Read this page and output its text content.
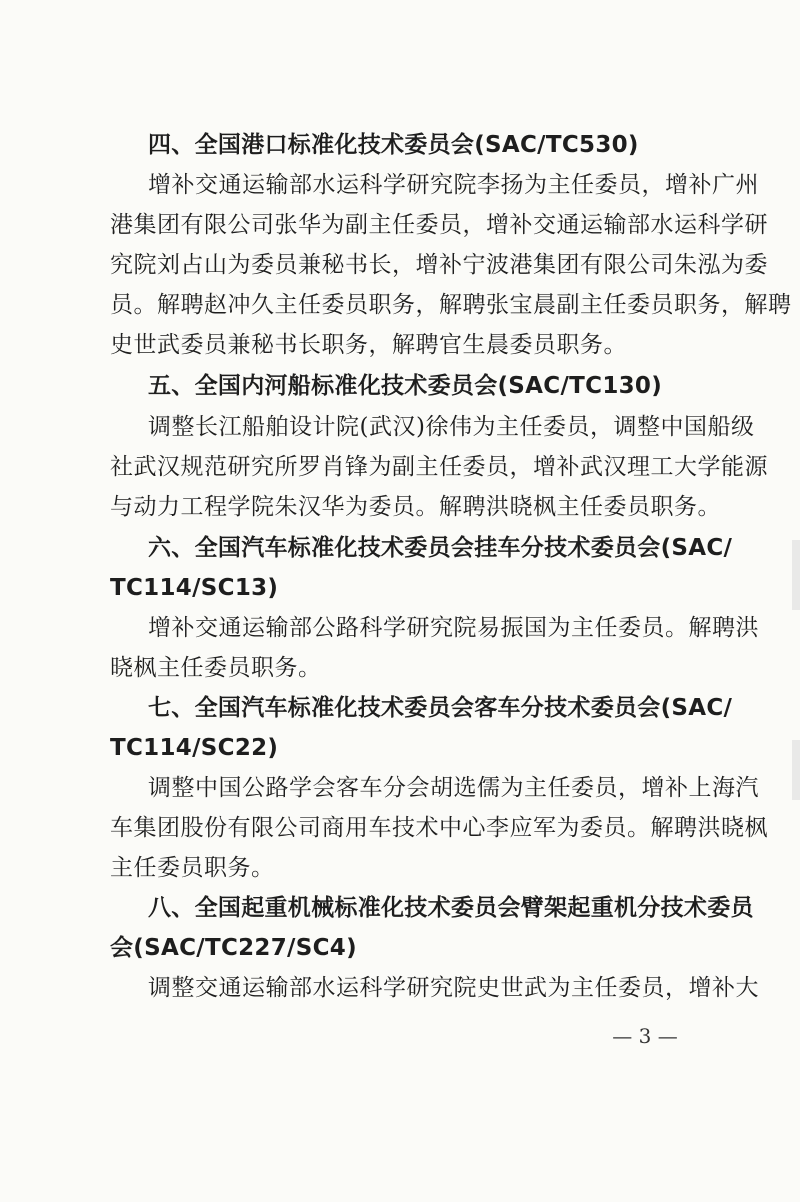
四、全国港口标准化技术委员会(SAC/TC530)
增补交通运输部水运科学研究院李扬为主任委员，增补广州
港集团有限公司张华为副主任委员，增补交通运输部水运科学研
究院刘占山为委员兼秘书长，增补宁波港集团有限公司朱泓为委
员。解聘赵冲久主任委员职务，解聘张宝晨副主任委员职务，解聘
史世武委员兼秘书长职务，解聘官生晨委员职务。
五、全国内河船标准化技术委员会(SAC/TC130)
调整长江船舶设计院(武汉)徐伟为主任委员，调整中国船级
社武汉规范研究所罗肖锋为副主任委员，增补武汉理工大学能源
与动力工程学院朱汉华为委员。解聘洪晓枫主任委员职务。
六、全国汽车标准化技术委员会挂车分技术委员会(SAC/
TC114/SC13)
增补交通运输部公路科学研究院易振国为主任委员。解聘洪
晓枫主任委员职务。
七、全国汽车标准化技术委员会客车分技术委员会(SAC/
TC114/SC22)
调整中国公路学会客车分会胡选儒为主任委员，增补上海汽
车集团股份有限公司商用车技术中心李应军为委员。解聘洪晓枫
主任委员职务。
八、全国起重机械标准化技术委员会臂架起重机分技术委员
会(SAC/TC227/SC4)
调整交通运输部水运科学研究院史世武为主任委员，增补大
— 3 —
